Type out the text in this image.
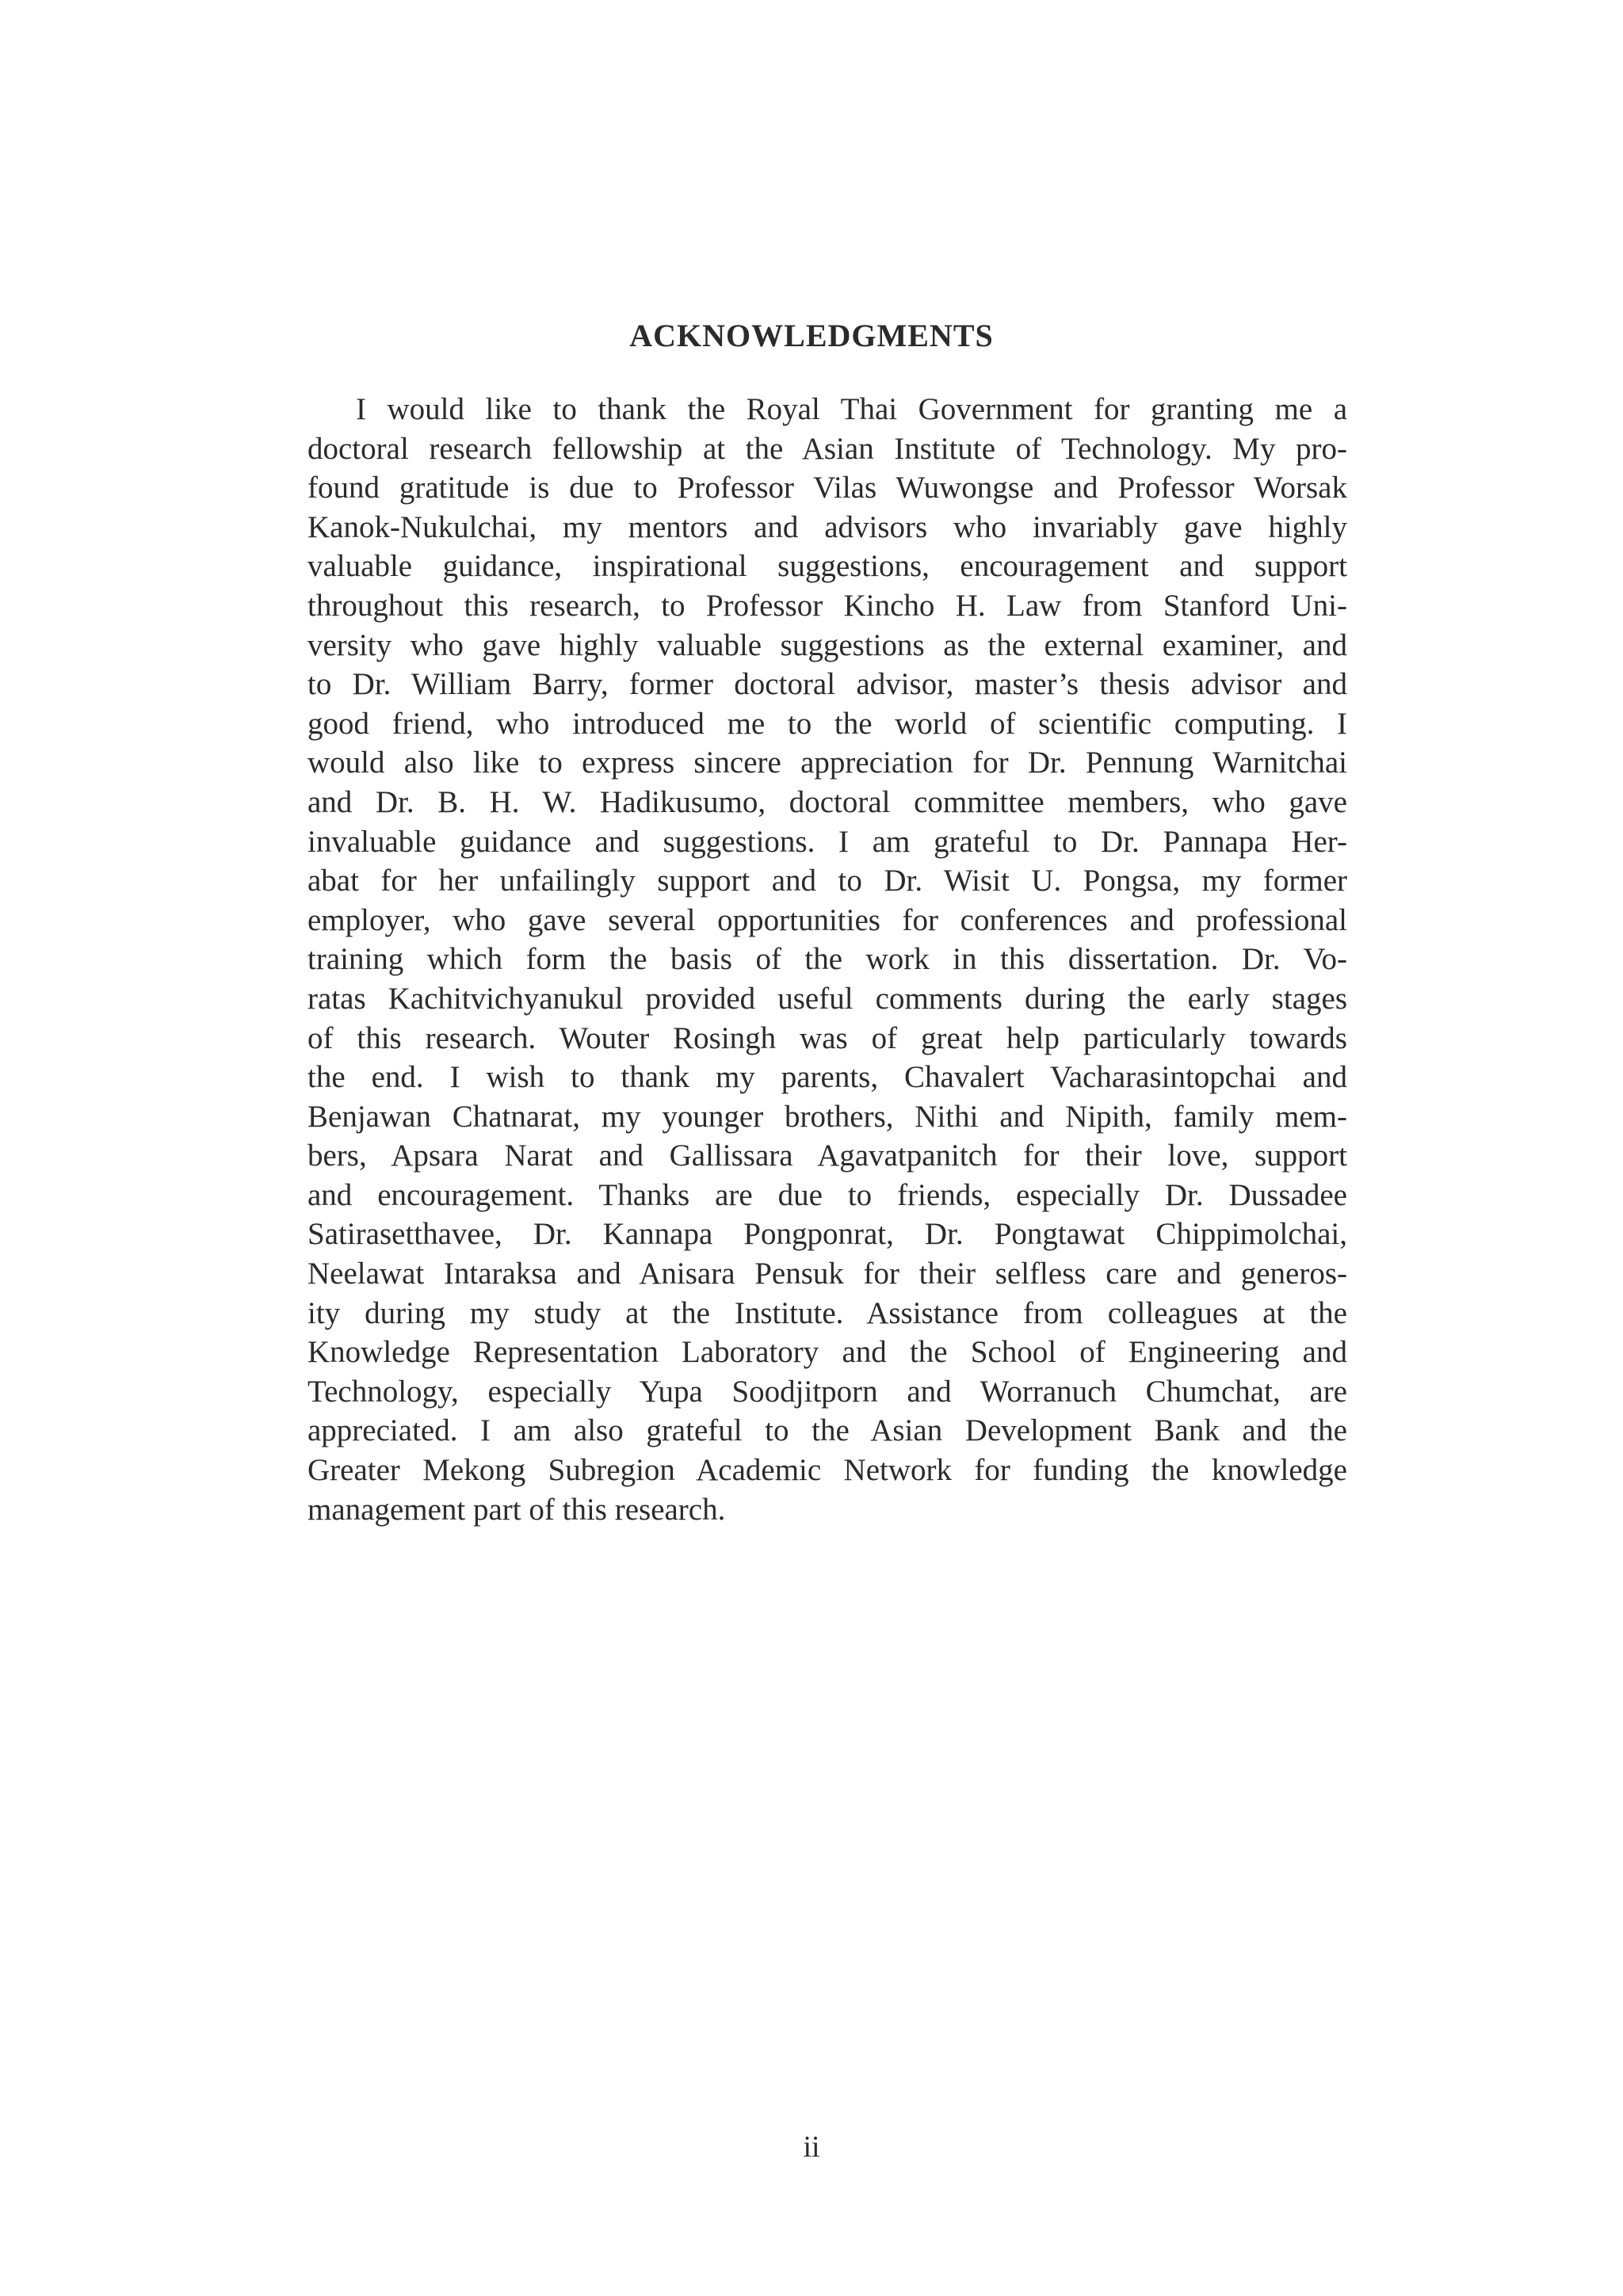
ACKNOWLEDGMENTS
I would like to thank the Royal Thai Government for granting me a
doctoral research fellowship at the Asian Institute of Technology. My pro-
found gratitude is due to Professor Vilas Wuwongse and Professor Worsak
Kanok-Nukulchai, my mentors and advisors who invariably gave highly
valuable guidance, inspirational suggestions, encouragement and support
throughout this research, to Professor Kincho H. Law from Stanford Uni-
versity who gave highly valuable suggestions as the external examiner, and
to Dr. William Barry, former doctoral advisor, master’s thesis advisor and
good friend, who introduced me to the world of scientific computing. I
would also like to express sincere appreciation for Dr. Pennung Warnitchai
and Dr. B. H. W. Hadikusumo, doctoral committee members, who gave
invaluable guidance and suggestions. I am grateful to Dr. Pannapa Her-
abat for her unfailingly support and to Dr. Wisit U. Pongsa, my former
employer, who gave several opportunities for conferences and professional
training which form the basis of the work in this dissertation. Dr. Vo-
ratas Kachitvichyanukul provided useful comments during the early stages
of this research. Wouter Rosingh was of great help particularly towards
the end. I wish to thank my parents, Chavalert Vacharasintopchai and
Benjawan Chatnarat, my younger brothers, Nithi and Nipith, family mem-
bers, Apsara Narat and Gallissara Agavatpanitch for their love, support
and encouragement. Thanks are due to friends, especially Dr. Dussadee
Satirasetthavee, Dr. Kannapa Pongponrat, Dr. Pongtawat Chippimolchai,
Neelawat Intaraksa and Anisara Pensuk for their selfless care and generos-
ity during my study at the Institute. Assistance from colleagues at the
Knowledge Representation Laboratory and the School of Engineering and
Technology, especially Yupa Soodjitporn and Worranuch Chumchat, are
appreciated. I am also grateful to the Asian Development Bank and the
Greater Mekong Subregion Academic Network for funding the knowledge
management part of this research.
ii
